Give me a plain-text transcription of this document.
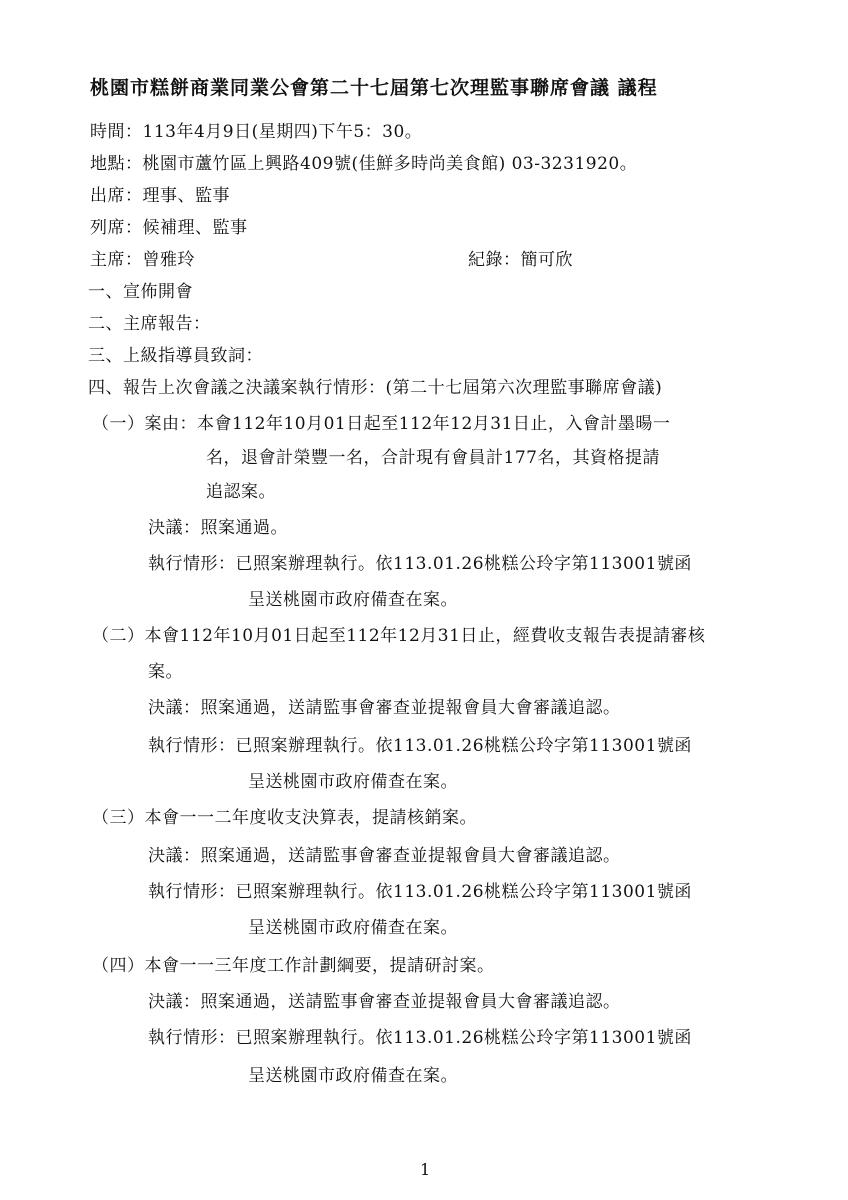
桃園市糕餅商業同業公會第二十七屆第七次理監事聯席會議 議程
時間：113年4月9日(星期四)下午5：30。
地點：桃園市蘆竹區上興路409號(佳鮮多時尚美食館) 03-3231920。
出席：理事、監事
列席：候補理、監事
主席：曾雅玲	紀錄：簡可欣
一、宣佈開會
二、主席報告：
三、上級指導員致詞：
四、報告上次會議之決議案執行情形：(第二十七屆第六次理監事聯席會議)
（一）案由：本會112年10月01日起至112年12月31日止，入會計墨暘一
名，退會計榮豐一名，合計現有會員計177名，其資格提請
追認案。
決議：照案通過。
執行情形：已照案辦理執行。依113.01.26桃糕公玲字第113001號函
呈送桃園市政府備查在案。
（二）本會112年10月01日起至112年12月31日止，經費收支報告表提請審核
案。
決議：照案通過，送請監事會審查並提報會員大會審議追認。
執行情形：已照案辦理執行。依113.01.26桃糕公玲字第113001號函
呈送桃園市政府備查在案。
（三）本會一一二年度收支決算表，提請核銷案。
決議：照案通過，送請監事會審查並提報會員大會審議追認。
執行情形：已照案辦理執行。依113.01.26桃糕公玲字第113001號函
呈送桃園市政府備查在案。
（四）本會一一三年度工作計劃綱要，提請研討案。
決議：照案通過，送請監事會審查並提報會員大會審議追認。
執行情形：已照案辦理執行。依113.01.26桃糕公玲字第113001號函
呈送桃園市政府備查在案。
1
